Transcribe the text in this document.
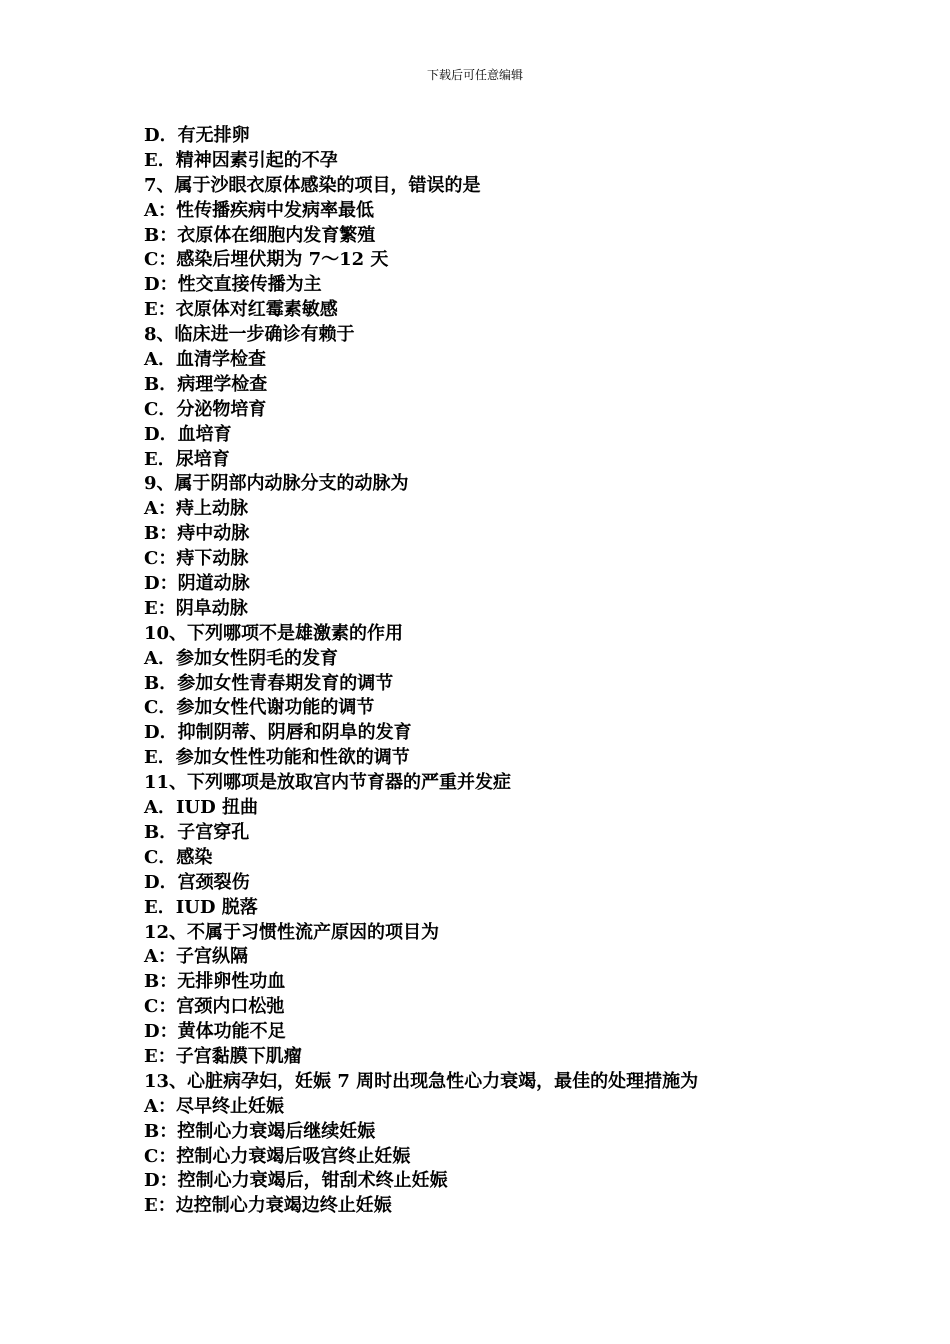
下载后可任意编辑
D．有无排卵
E．精神因素引起的不孕
7、属于沙眼衣原体感染的项目，错误的是
A：性传播疾病中发病率最低
B：衣原体在细胞内发育繁殖
C：感染后埋伏期为 7～12 天
D：性交直接传播为主
E：衣原体对红霉素敏感
8、临床进一步确诊有赖于
A．血清学检查
B．病理学检查
C．分泌物培育
D．血培育
E．尿培育
9、属于阴部内动脉分支的动脉为
A：痔上动脉
B：痔中动脉
C：痔下动脉
D：阴道动脉
E：阴阜动脉
10、下列哪项不是雄激素的作用
A．参加女性阴毛的发育
B．参加女性青春期发育的调节
C．参加女性代谢功能的调节
D．抑制阴蒂、阴唇和阴阜的发育
E．参加女性性功能和性欲的调节
11、下列哪项是放取宫内节育器的严重并发症
A．IUD 扭曲
B．子宫穿孔
C．感染
D．宫颈裂伤
E．IUD 脱落
12、不属于习惯性流产原因的项目为
A：子宫纵隔
B：无排卵性功血
C：宫颈内口松弛
D：黄体功能不足
E：子宫黏膜下肌瘤
13、心脏病孕妇，妊娠 7 周时出现急性心力衰竭，最佳的处理措施为
A：尽早终止妊娠
B：控制心力衰竭后继续妊娠
C：控制心力衰竭后吸宫终止妊娠
D：控制心力衰竭后，钳刮术终止妊娠
E：边控制心力衰竭边终止妊娠
